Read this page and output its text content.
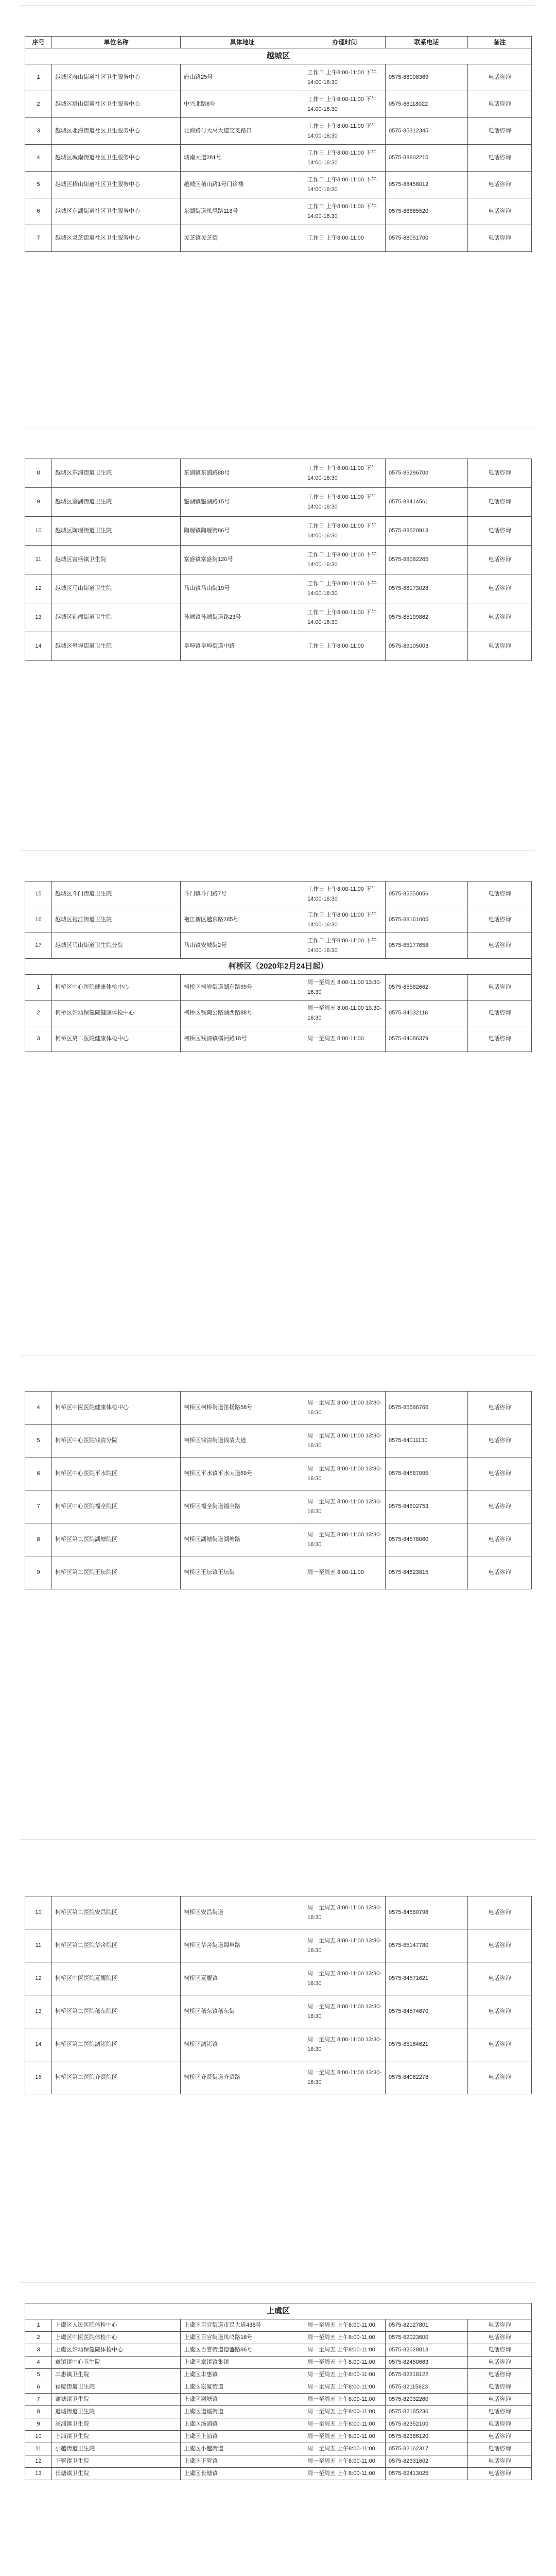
序号	单位名称	具体地址	办理时间	联系电话	备注
越城区					
1	越城区府山街道社区卫生服务中心	府山路25号	工作日 上午8:00-11:00 下午14:00-16:30	0575-88098369	电话咨询
2	越城区塔山街道社区卫生服务中心	中兴北路8号	工作日 上午8:00-11:00 下午14:00-16:30	0575-88118022	电话咨询
3	越城区北海街道社区卫生服务中心	北海路与大禹大道交叉路口	工作日 上午8:00-11:00 下午14:00-16:30	0575-85312345	电话咨询
4	越城区城南街道社区卫生服务中心	城南大道281号	工作日 上午8:00-11:00 下午14:00-16:30	0575-88802215	电话咨询
5	越城区稽山街道社区卫生服务中心	越城区稽山路1号门诊楼	工作日 上午8:00-11:00 下午14:00-16:30	0575-88456012	电话咨询
6	越城区东湖街道社区卫生服务中心	东湖街道凤凰路118号	工作日 上午8:00-11:00 下午14:00-16:30	0575-88665520	电话咨询
7	越城区灵芝街道社区卫生服务中心	灵芝镇灵芝街	工作日 上午8:00-11:00	0575-88051700	电话咨询
8	越城区东浦街道卫生院	东浦镇东浦路88号	工作日 上午8:00-11:00 下午14:00-16:30	0575-85296700	电话咨询
9	越城区鉴湖街道卫生院	鉴湖镇鉴湖路15号	工作日 上午8:00-11:00 下午14:00-16:30	0575-88414561	电话咨询
10	越城区陶堰街道卫生院	陶堰镇陶堰街86号	工作日 上午8:00-11:00 下午14:00-16:30	0575-88620913	电话咨询
11	越城区富盛镇卫生院	富盛镇富盛街120号	工作日 上午8:00-11:00 下午14:00-16:30	0575-88082265	电话咨询
12	越城区马山街道卫生院	马山镇马山街19号	工作日 上午8:00-11:00 下午14:00-16:30	0575-88173028	电话咨询
13	越城区孙端街道卫生院	孙端镇孙端街道路23号	工作日 上午8:00-11:00 下午14:00-16:30	0575-85199862	电话咨询
14	越城区皋埠街道卫生院	皋埠镇皋埠街道中路	工作日 上午8:00-11:00	0575-89105003	电话咨询
15	越城区斗门街道卫生院	斗门镇斗门路7号	工作日 上午8:00-11:00 下午14:00-16:30	0575-85550056	电话咨询
16	越城区袍江街道卫生院	袍江新区越东路285号	工作日 上午8:00-11:00 下午14:00-16:30	0575-88161005	电话咨询
17	越城区马山街道卫生院分院	马山镇安城街2号	工作日 上午8:00-11:00 下午14:00-16:30	0575-85177658	电话咨询
柯桥区（2020年2月24日起）					
1	柯桥区中心医院健康体检中心	柯桥区柯岩街道湖东路99号	周一至周五 8:00-11:00 13:30-16:30	0575-85582662	电话咨询
2	柯桥区妇幼保健院健康体检中心	柯桥区钱陶公路湖西路88号	周一至周五 8:00-11:00 13:30-16:30	0575-84032116	电话咨询
3	柯桥区第二医院健康体检中心	柯桥区钱清镇横河路18号	周一至周五 8:00-11:00	0575-84086379	电话咨询
4	柯桥区中医医院健康体检中心	柯桥区柯桥街道笛扬路58号	周一至周五 8:00-11:00 13:30-16:30	0575-85586766	电话咨询
5	柯桥区中心医院钱清分院	柯桥区钱清街道钱清大道	周一至周五 8:00-11:00 13:30-16:30	0575-84011130	电话咨询
6	柯桥区中心医院平水院区	柯桥区平水镇平水大道69号	周一至周五 8:00-11:00 13:30-16:30	0575-84587095	电话咨询
7	柯桥区中心医院福全院区	柯桥区福全街道福全路	周一至周五 8:00-11:00 13:30-16:30	0575-84602753	电话咨询
8	柯桥区第二医院湖塘院区	柯桥区湖塘街道湖塘路	周一至周五 8:00-11:00 13:30-16:30	0575-84578060	电话咨询
9	柯桥区第二医院王坛院区	柯桥区王坛镇王坛街	周一至周五 8:00-11:00	0575-84623815	电话咨询
10	柯桥区第二医院安昌院区	柯桥区安昌街道	周一至周五 8:00-11:00 13:30-16:30	0575-84560798	电话咨询
11	柯桥区第二医院华舍院区	柯桥区华舍街道蜀阜路	周一至周五 8:00-11:00 13:30-16:30	0575-85147780	电话咨询
12	柯桥区中医医院夏履院区	柯桥区夏履镇	周一至周五 8:00-11:00 13:30-16:30	0575-84571621	电话咨询
13	柯桥区第二医院稽东院区	柯桥区稽东镇稽东街	周一至周五 8:00-11:00 13:30-16:30	0575-84574670	电话咨询
14	柯桥区第二医院漓渚院区	柯桥区漓渚镇	周一至周五 8:00-11:00 13:30-16:30	0575-85164621	电话咨询
15	柯桥区第二医院齐贤院区	柯桥区齐贤街道齐贤路	周一至周五 8:00-11:00 13:30-16:30	0575-84062278	电话咨询
上虞区					
1	上虞区人民医院体检中心	上虞区百官街道市民大道438号	周一至周五 上午8:00-11:00	0575-82127801	电话咨询
2	上虞区中医医院体检中心	上虞区百官街道凤鸣路16号	周一至周五 上午8:00-11:00	0575-82023600	电话咨询
3	上虞区妇幼保健院体检中心	上虞区百官街道德盛路86号	周一至周五 上午8:00-11:00	0575-82028813	电话咨询
4	章镇镇中心卫生院	上虞区章镇镇集镇	周一至周五 上午8:00-11:00	0575-82450663	电话咨询
5	丰惠镇卫生院	上虞区丰惠镇	周一至周五 上午8:00-11:00	0575-82318122	电话咨询
6	崧厦街道卫生院	上虞区崧厦街道	周一至周五 上午8:00-11:00	0575-82115623	电话咨询
7	谢塘镇卫生院	上虞区谢塘镇	周一至周五 上午8:00-11:00	0575-82032260	电话咨询
8	道墟街道卫生院	上虞区道墟街道	周一至周五 上午8:00-11:00	0575-82185236	电话咨询
9	汤浦镇卫生院	上虞区汤浦镇	周一至周五 上午8:00-11:00	0575-82352100	电话咨询
10	上浦镇卫生院	上虞区上浦镇	周一至周五 上午8:00-11:00	0575-82386120	电话咨询
11	小越街道卫生院	上虞区小越街道	周一至周五 上午8:00-11:00	0575-82162317	电话咨询
12	下管镇卫生院	上虞区下管镇	周一至周五 上午8:00-11:00	0575-82331602	电话咨询
13	长塘镇卫生院	上虞区长塘镇	周一至周五 上午8:00-11:00	0575-82413025	电话咨询
